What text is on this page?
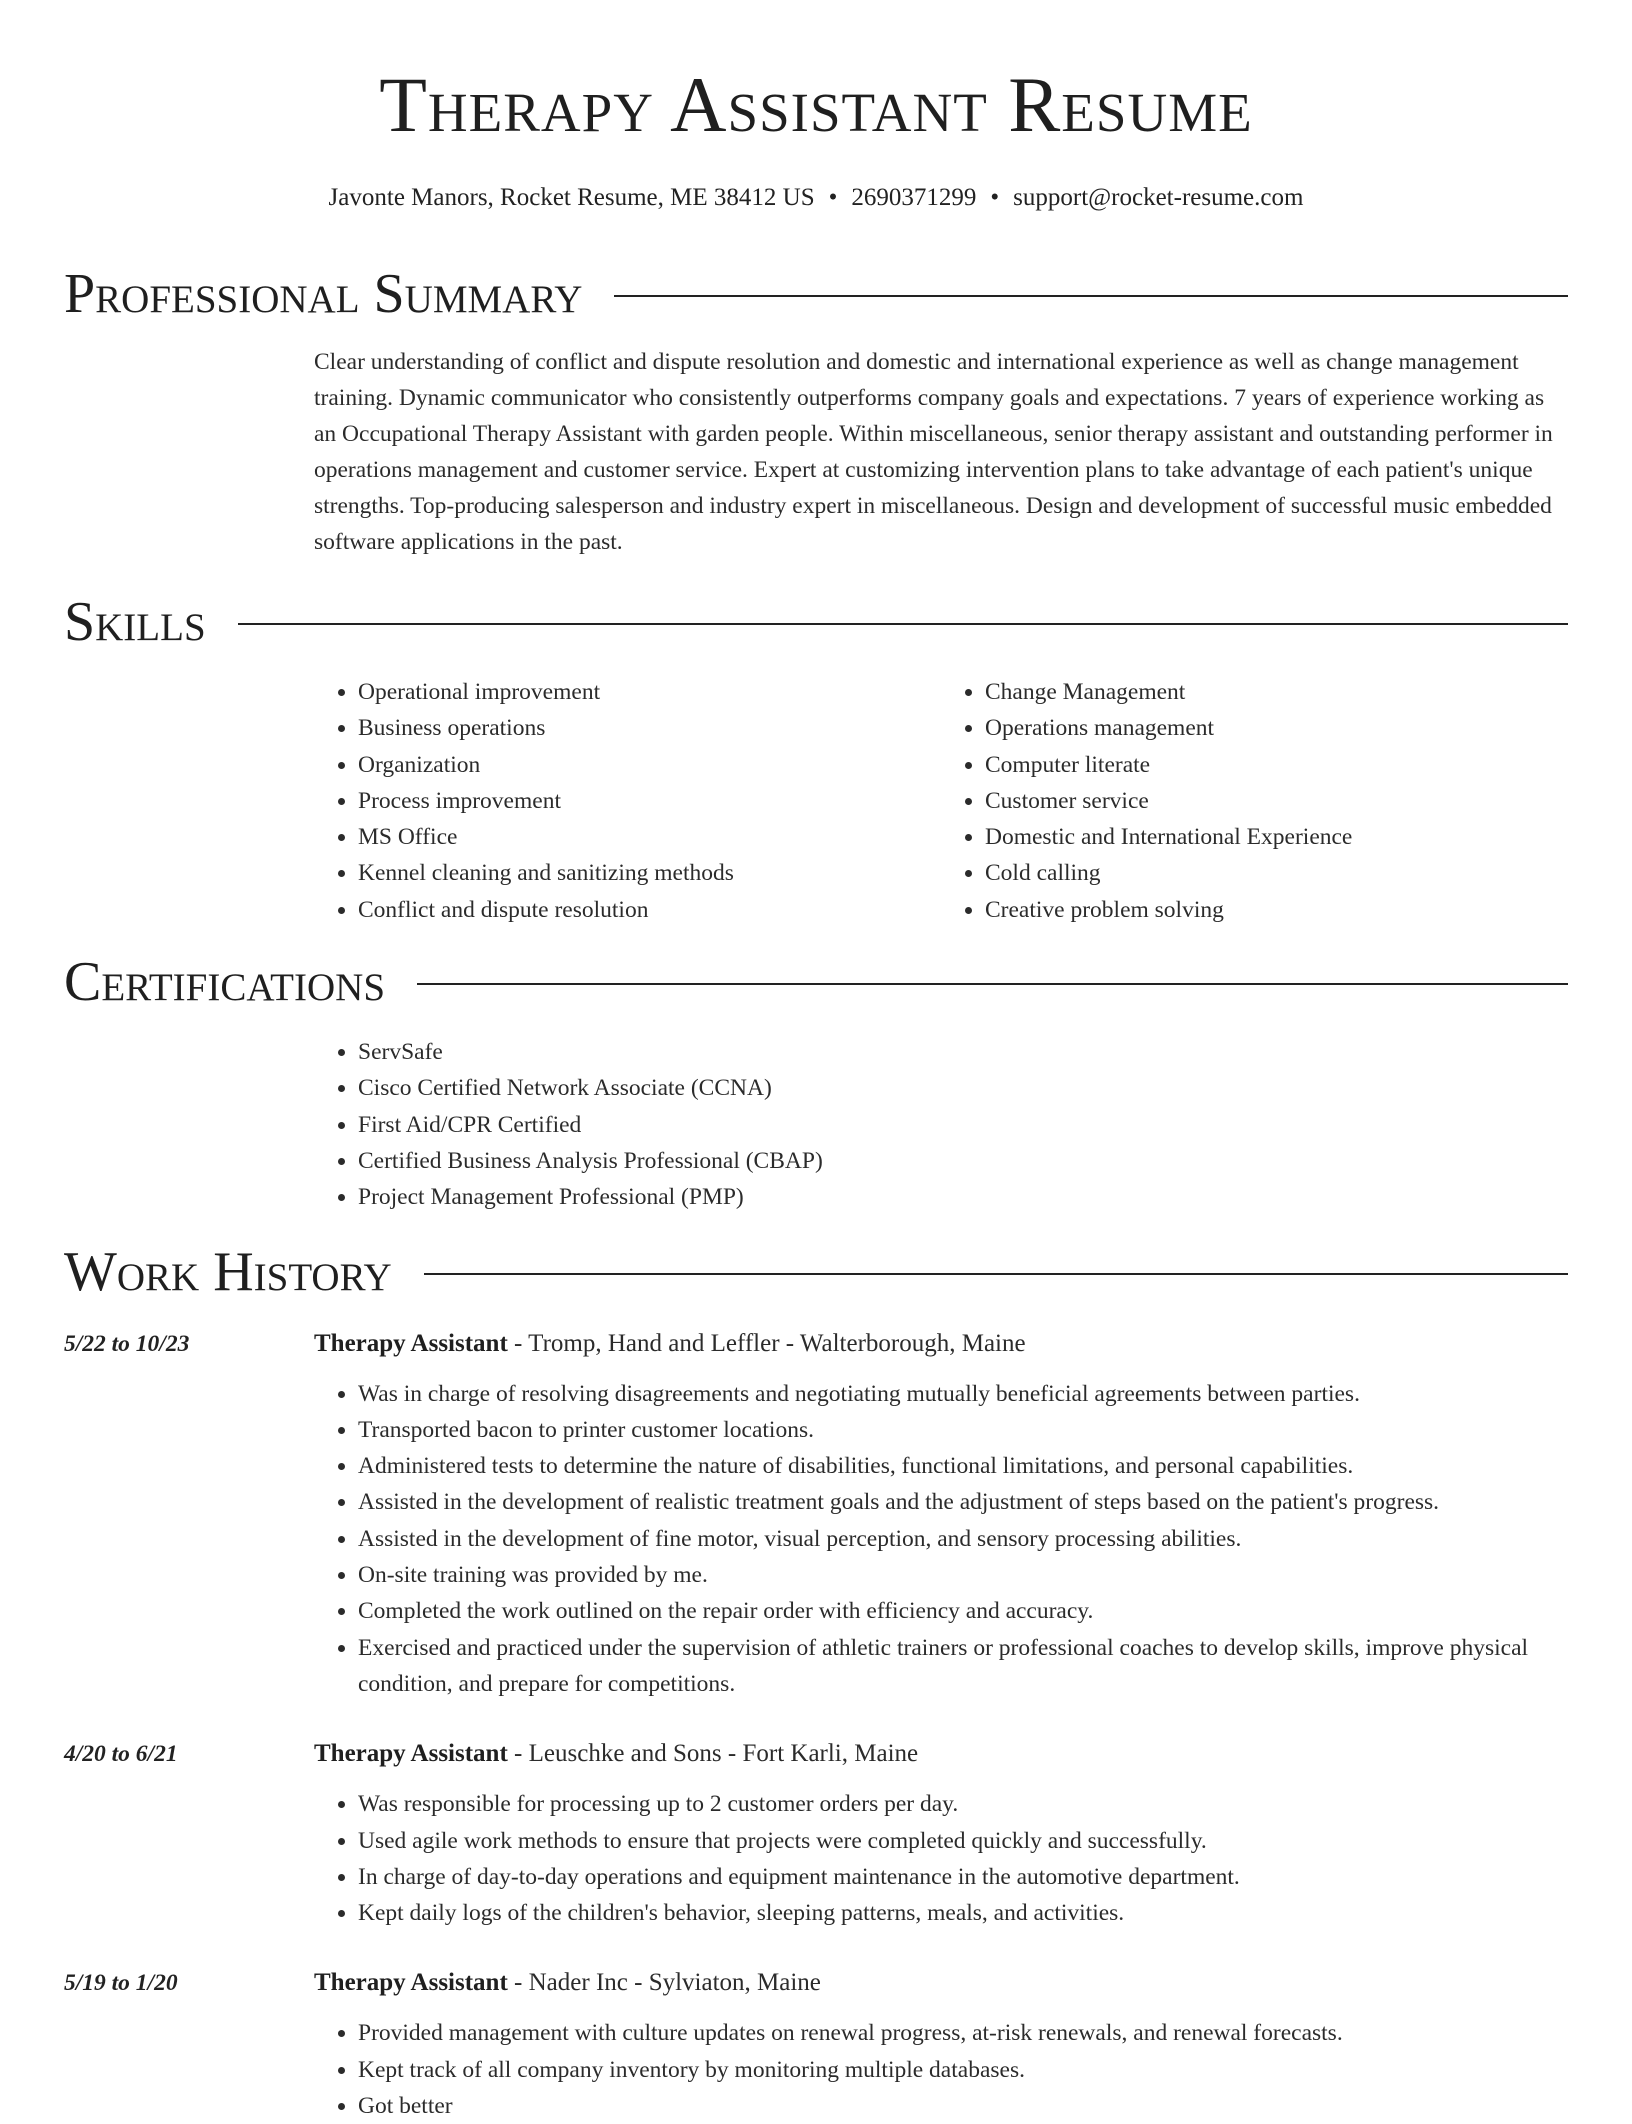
Therapy Assistant Resume
Javonte Manors, Rocket Resume, ME 38412 US • 2690371299 • support@rocket-resume.com
Professional Summary

Clear understanding of conflict and dispute resolution and domestic and international experience as well as change management training. Dynamic communicator who consistently outperforms company goals and expectations. 7 years of experience working as an Occupational Therapy Assistant with garden people. Within miscellaneous, senior therapy assistant and outstanding performer in operations management and customer service. Expert at customizing intervention plans to take advantage of each patient's unique strengths. Top-producing salesperson and industry expert in miscellaneous. Design and development of successful music embedded software applications in the past.

Skills
• Operational improvement
• Business operations
• Organization
• Process improvement
• MS Office
• Kennel cleaning and sanitizing methods
• Conflict and dispute resolution
• Change Management
• Operations management
• Computer literate
• Customer service
• Domestic and International Experience
• Cold calling
• Creative problem solving
Certifications
• ServSafe
• Cisco Certified Network Associate (CCNA)
• First Aid/CPR Certified
• Certified Business Analysis Professional (CBAP)
• Project Management Professional (PMP)
Work History
5/22 to 10/23	Therapy Assistant - Tromp, Hand and Leffler - Walterborough, Maine
• Was in charge of resolving disagreements and negotiating mutually beneficial agreements between parties.
• Transported bacon to printer customer locations.
• Administered tests to determine the nature of disabilities, functional limitations, and personal capabilities.
• Assisted in the development of realistic treatment goals and the adjustment of steps based on the patient's progress.
• Assisted in the development of fine motor, visual perception, and sensory processing abilities.
• On-site training was provided by me.
• Completed the work outlined on the repair order with efficiency and accuracy.
• Exercised and practiced under the supervision of athletic trainers or professional coaches to develop skills, improve physical condition, and prepare for competitions.
4/20 to 6/21	Therapy Assistant - Leuschke and Sons - Fort Karli, Maine
• Was responsible for processing up to 2 customer orders per day.
• Used agile work methods to ensure that projects were completed quickly and successfully.
• In charge of day-to-day operations and equipment maintenance in the automotive department.
• Kept daily logs of the children's behavior, sleeping patterns, meals, and activities.
5/19 to 1/20	Therapy Assistant - Nader Inc - Sylviaton, Maine
• Provided management with culture updates on renewal progress, at-risk renewals, and renewal forecasts.
• Kept track of all company inventory by monitoring multiple databases.
• Got better
